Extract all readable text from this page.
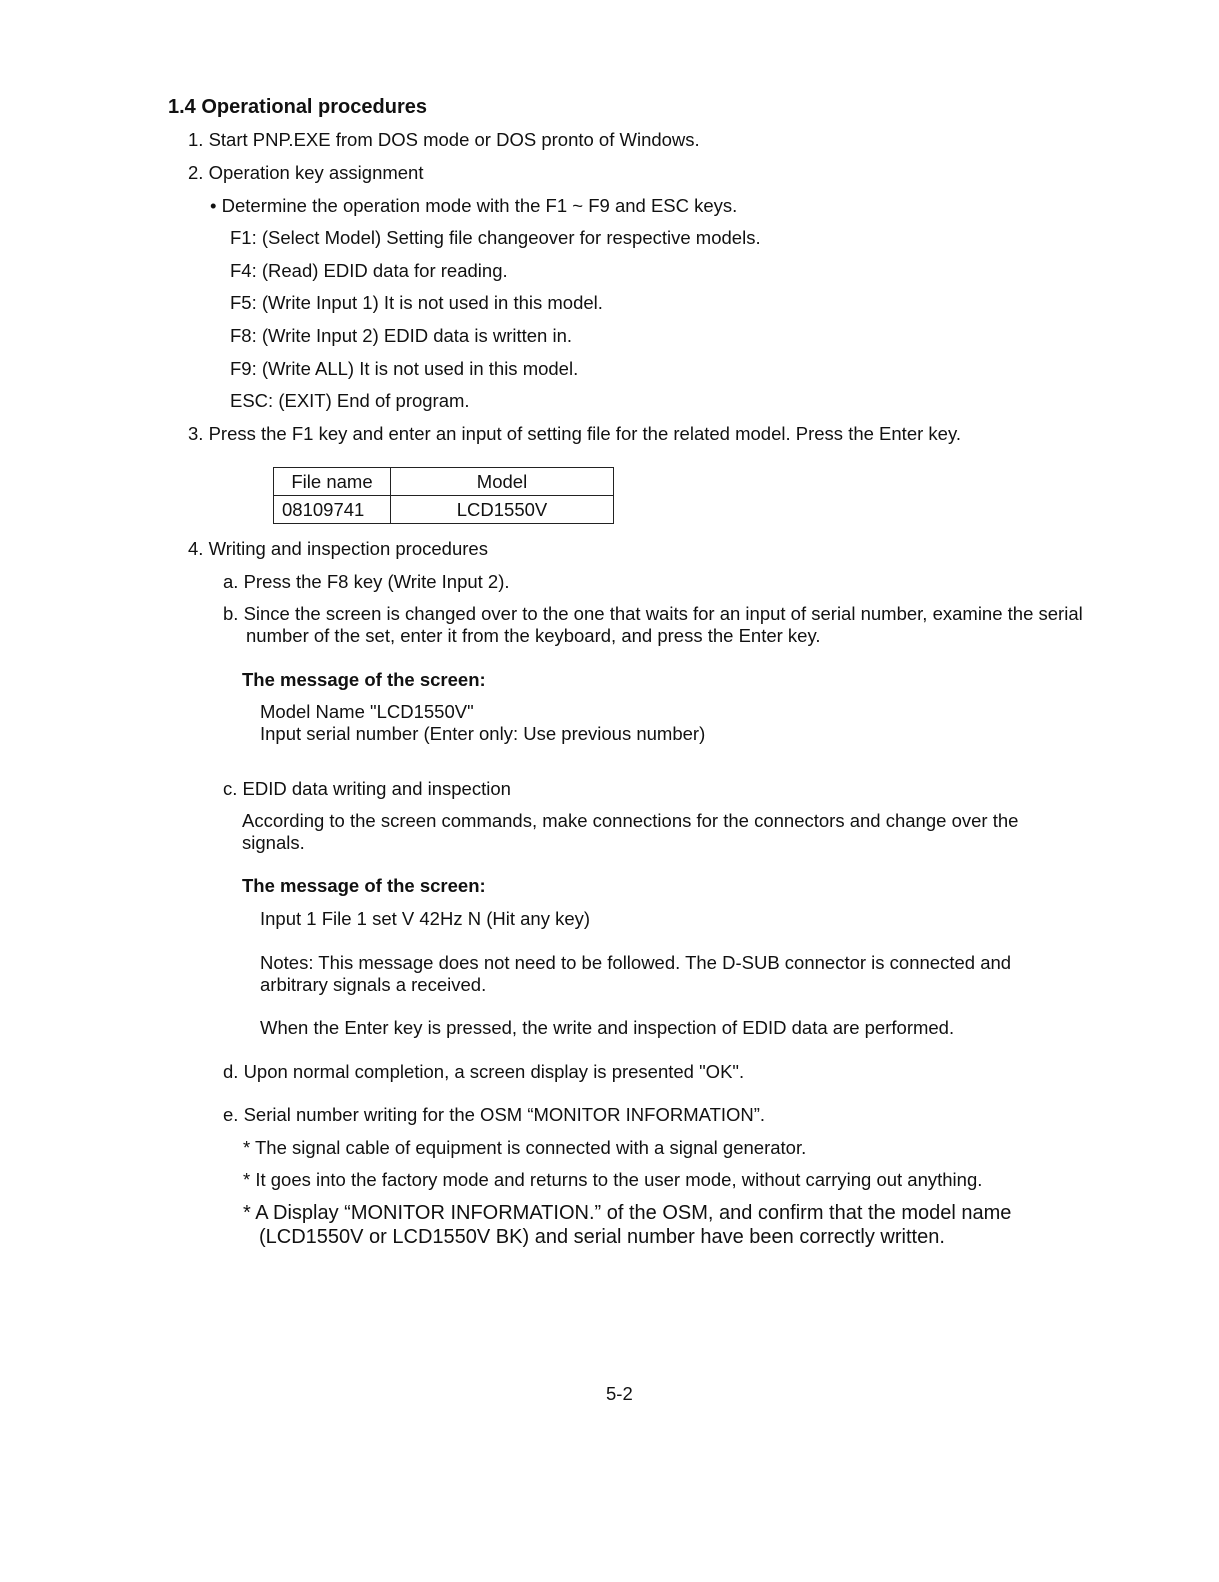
1.4 Operational procedures
1. Start PNP.EXE from DOS mode or DOS pronto of Windows.
2. Operation key assignment
• Determine the operation mode with the F1 ~ F9 and ESC keys.
F1: (Select Model) Setting file changeover for respective models.
F4: (Read) EDID data for reading.
F5: (Write Input 1) It is not used in this model.
F8: (Write Input 2) EDID data is written in.
F9: (Write ALL) It is not used in this model.
ESC: (EXIT) End of program.
3. Press the F1 key and enter an input of setting file for the related model. Press the Enter key.
File name	Model
08109741	LCD1550V
4. Writing and inspection procedures
a. Press the F8 key (Write Input 2).
b. Since the screen is changed over to the one that waits for an input of serial number, examine the serial
number of the set, enter it from the keyboard, and press the Enter key.
The message of the screen:
Model Name "LCD1550V"
Input serial number (Enter only: Use previous number)
c. EDID data writing and inspection
According to the screen commands, make connections for the connectors and change over the
signals.
The message of the screen:
Input 1 File 1 set V 42Hz N (Hit any key)
Notes: This message does not need to be followed. The D-SUB connector is connected and
arbitrary signals a received.
When the Enter key is pressed, the write and inspection of EDID data are performed.
d. Upon normal completion, a screen display is presented "OK".
e. Serial number writing for the OSM “MONITOR INFORMATION”.
* The signal cable of equipment is connected with a signal generator.
* It goes into the factory mode and returns to the user mode, without carrying out anything.
* A Display “MONITOR INFORMATION.” of the OSM, and confirm that the model name
(LCD1550V or LCD1550V BK) and serial number have been correctly written.
5-2
